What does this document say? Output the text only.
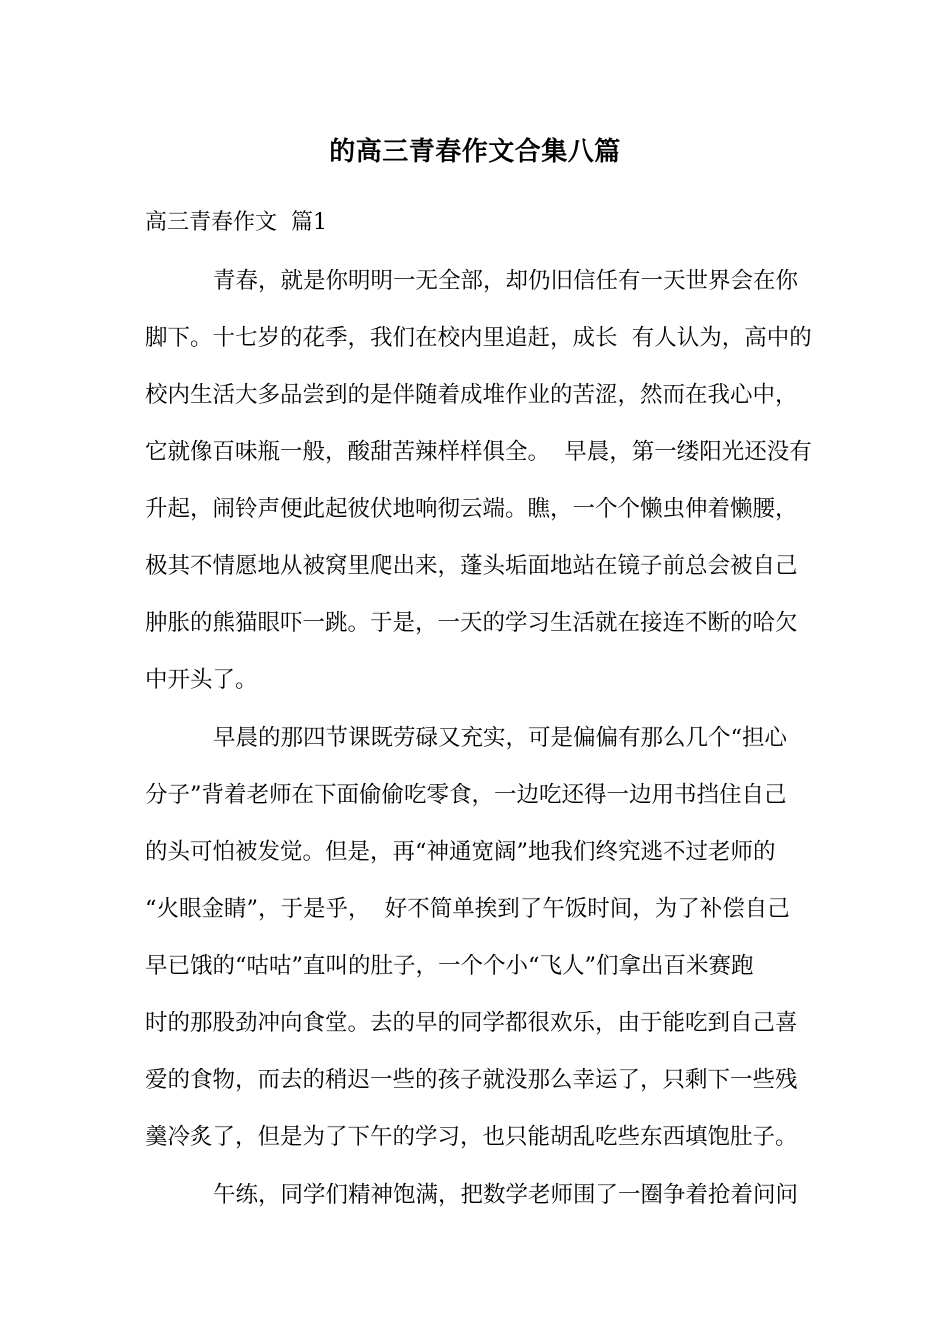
的高三青春作文合集八篇
高三青春作文  篇1
青春，就是你明明一无全部，却仍旧信任有一天世界会在你
脚下。十七岁的花季，我们在校内里追赶，成长  有人认为，高中的
校内生活大多品尝到的是伴随着成堆作业的苦涩，然而在我心中，
它就像百味瓶一般，酸甜苦辣样样俱全。  早晨，第一缕阳光还没有
升起，闹铃声便此起彼伏地响彻云端。瞧，一个个懒虫伸着懒腰，
极其不情愿地从被窝里爬出来，蓬头垢面地站在镜子前总会被自己
肿胀的熊猫眼吓一跳。于是，一天的学习生活就在接连不断的哈欠
中开头了。
早晨的那四节课既劳碌又充实，可是偏偏有那么几个“担心
分子”背着老师在下面偷偷吃零食，一边吃还得一边用书挡住自己
的头可怕被发觉。但是，再“神通宽阔”地我们终究逃不过老师的
“火眼金睛”，于是乎，  好不简单挨到了午饭时间，为了补偿自己
早已饿的“咕咕”直叫的肚子，一个个小“飞人”们拿出百米赛跑
时的那股劲冲向食堂。去的早的同学都很欢乐，由于能吃到自己喜
爱的食物，而去的稍迟一些的孩子就没那么幸运了，只剩下一些残
羹冷炙了，但是为了下午的学习，也只能胡乱吃些东西填饱肚子。
午练，同学们精神饱满，把数学老师围了一圈争着抢着问问
